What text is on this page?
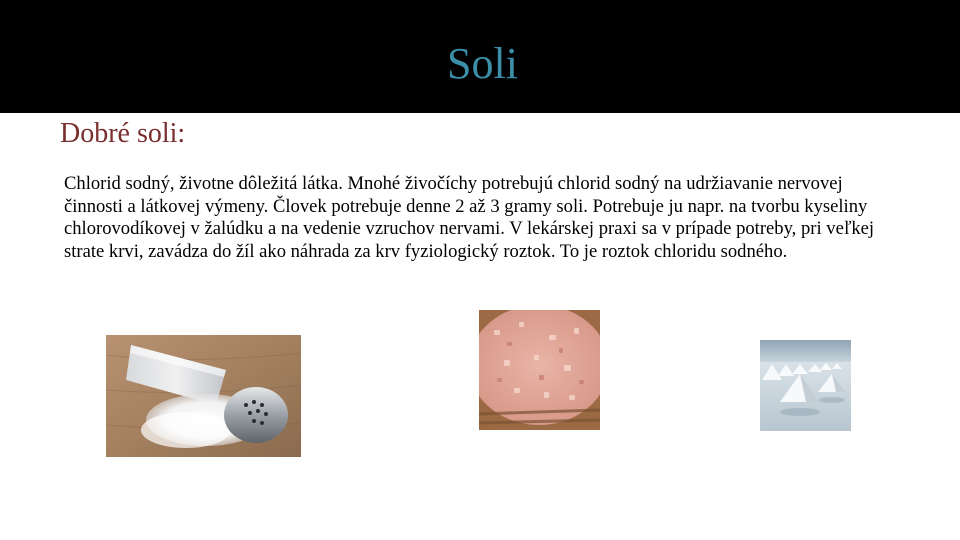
Soli
Dobré soli:

Chlorid sodný, životne dôležitá látka. Mnohé živočíchy potrebujú chlorid sodný na udržiavanie nervovej činnosti a látkovej výmeny. Človek potrebuje denne 2 až 3 gramy soli. Potrebuje ju napr. na tvorbu kyseliny chlorovodíkovej v žalúdku a na vedenie vzruchov nervami. V lekárskej praxi sa v prípade potreby, pri veľkej strate krvi, zavádza do žíl ako náhrada za krv fyziologický roztok. To je roztok chloridu sodného.
